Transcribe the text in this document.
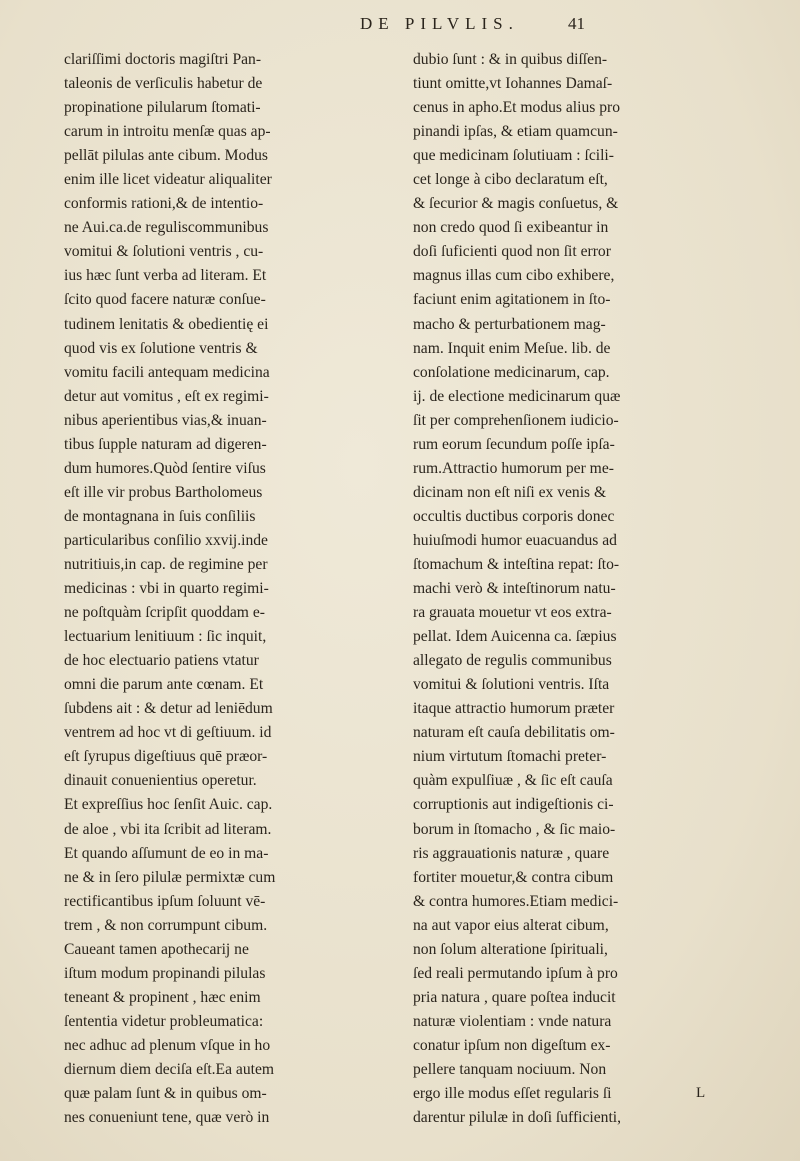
DE PILVLIS.	41
clariſſimi doctoris magiſtri Pan-
taleonis de verſiculis habetur de
propinatione pilularum ſtomati-
carum in introitu menſæ quas ap-
pellāt pilulas ante cibum. Modus
enim ille licet videatur aliqualiter
conformis rationi,& de intentio-
ne Aui.ca.de reguliscommunibus
vomitui & ſolutioni ventris , cu-
ius hæc ſunt verba ad literam. Et
ſcito quod facere naturæ conſue-
tudinem lenitatis & obedientię ei
quod vis ex ſolutione ventris &
vomitu facili antequam medicina
detur aut vomitus , eſt ex regimi-
nibus aperientibus vias,& inuan-
tibus ſupple naturam ad digeren-
dum humores.Quòd ſentire viſus
eſt ille vir probus Bartholomeus
de montagnana in ſuis conſiliis
particularibus conſilio xxvij.inde
nutritiuis,in cap. de regimine per
medicinas : vbi in quarto regimi-
ne poſtquàm ſcripſit quoddam e-
lectuarium lenitiuum : ſic inquit,
de hoc electuario patiens vtatur
omni die parum ante cœnam. Et
ſubdens ait : & detur ad leniēdum
ventrem ad hoc vt di geſtiuum. id
eſt ſyrupus digeſtiuus quē præor-
dinauit conuenientius operetur.
Et expreſſius hoc ſenſit Auic. cap.
de aloe , vbi ita ſcribit ad literam.
Et quando aſſumunt de eo in ma-
ne & in ſero pilulæ permixtæ cum
rectificantibus ipſum ſoluunt vē-
trem , & non corrumpunt cibum.
Caueant tamen apothecarij ne
iſtum modum propinandi pilulas
teneant & propinent , hæc enim
ſententia videtur probleumatica:
nec adhuc ad plenum vſque in ho
diernum diem deciſa eſt.Ea autem
quæ palam ſunt & in quibus om-
nes conueniunt tene, quæ verò in
dubio ſunt : & in quibus diſſen-
tiunt omitte,vt Iohannes Damaſ-
cenus in apho.Et modus alius pro
pinandi ipſas, & etiam quamcun-
que medicinam ſolutiuam : ſcili-
cet longe à cibo declaratum eſt,
& ſecurior & magis conſuetus, &
non credo quod ſi exibeantur in
doſi ſuficienti quod non ſit error
magnus illas cum cibo exhibere,
faciunt enim agitationem in ſto-
macho & perturbationem mag-
nam. Inquit enim Meſue. lib. de
conſolatione medicinarum, cap.
ij. de electione medicinarum quæ
ſit per comprehenſionem iudicio-
rum eorum ſecundum poſſe ipſa-
rum.Attractio humorum per me-
dicinam non eſt niſi ex venis &
occultis ductibus corporis donec
huiuſmodi humor euacuandus ad
ſtomachum & inteſtina repat: ſto-
machi verò & inteſtinorum natu-
ra grauata mouetur vt eos extra-
pellat. Idem Auicenna ca. ſæpius
allegato de regulis communibus
vomitui & ſolutioni ventris. Iſta
itaque attractio humorum præter
naturam eſt cauſa debilitatis om-
nium virtutum ſtomachi preter-
quàm expulſiuæ , & ſic eſt cauſa
corruptionis aut indigeſtionis ci-
borum in ſtomacho , & ſic maio-
ris aggrauationis naturæ , quare
fortiter mouetur,& contra cibum
& contra humores.Etiam medici-
na aut vapor eius alterat cibum,
non ſolum alteratione ſpirituali,
ſed reali permutando ipſum à pro
pria natura , quare poſtea inducit
naturæ violentiam : vnde natura
conatur ipſum non digeſtum ex-
pellere tanquam nociuum. Non
ergo ille modus eſſet regularis ſi
darentur pilulæ in doſi ſufficienti,
L
